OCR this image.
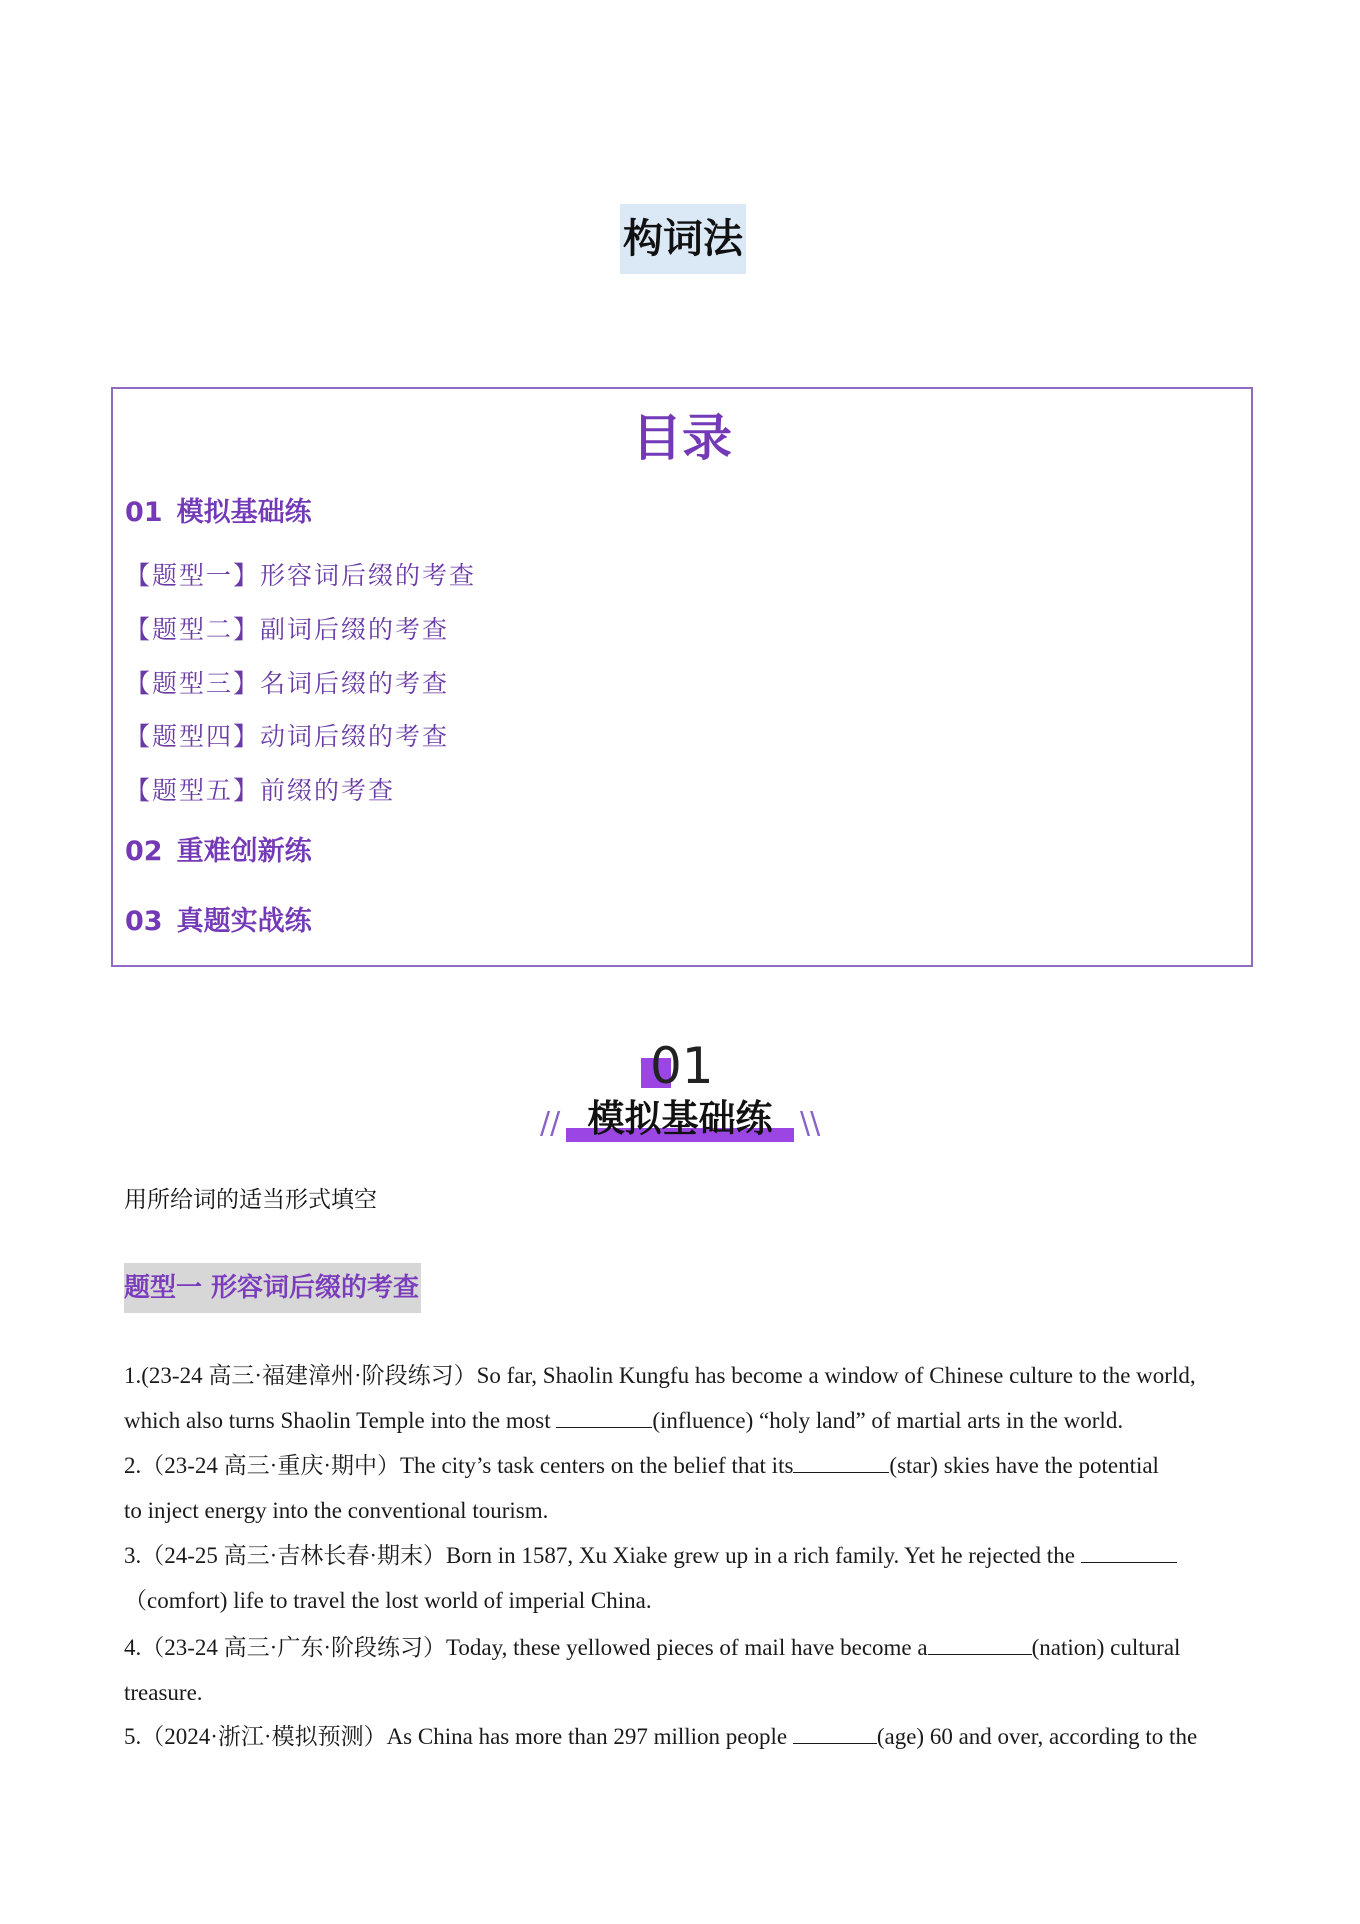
构词法
目录
01 模拟基础练
【题型一】形容词后缀的考查
【题型二】副词后缀的考查
【题型三】名词后缀的考查
【题型四】动词后缀的考查
【题型五】前缀的考查
02 重难创新练
03 真题实战练
01
// 模拟基础练 \\
用所给词的适当形式填空
题型一 形容词后缀的考查
1.(23-24 高三·福建漳州·阶段练习）So far, Shaolin Kungfu has become a window of Chinese culture to the world,
which also turns Shaolin Temple into the most	(influence) “holy land” of martial arts in the world.
2.（23-24 高三·重庆·期中）The city’s task centers on the belief that its	(star) skies have the potential
to inject energy into the conventional tourism.
3.（24-25 高三·吉林长春·期末）Born in 1587, Xu Xiake grew up in a rich family. Yet he rejected the
（comfort) life to travel the lost world of imperial China.
4.（23-24 高三·广东·阶段练习）Today, these yellowed pieces of mail have become a	(nation) cultural
treasure.
5.（2024·浙江·模拟预测）As China has more than 297 million people	(age) 60 and over, according to the
